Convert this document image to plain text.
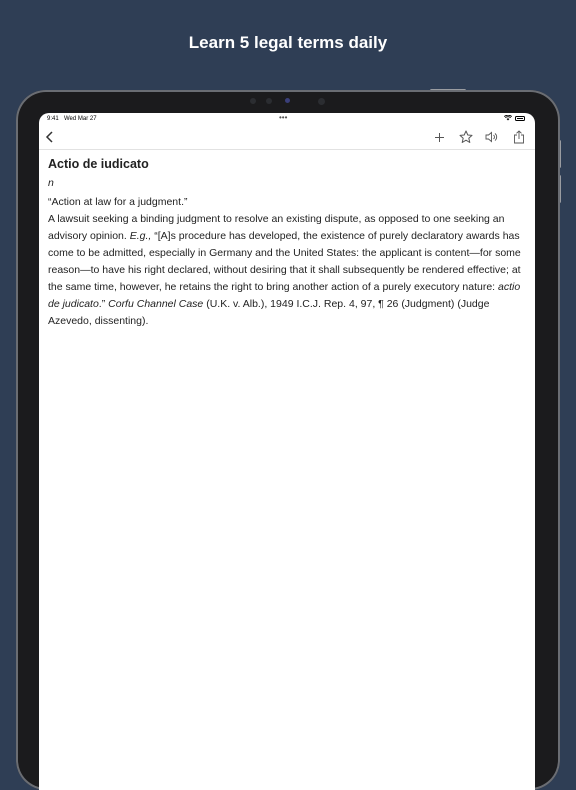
Learn 5 legal terms daily
9:41 Wed Mar 27	•••
Actio de iudicato
n

“Action at law for a judgment.”

A lawsuit seeking a binding judgment to resolve an existing dispute, as opposed to one seeking an advisory opinion. E.g., “[A]s procedure has developed, the existence of purely declaratory awards has come to be admitted, especially in Germany and the United States: the applicant is content—for some reason—to have his right declared, without desiring that it shall subsequently be rendered effective; at the same time, however, he retains the right to bring another action of a purely executory nature: actio de judicato.” Corfu Channel Case (U.K. v. Alb.), 1949 I.C.J. Rep. 4, 97, ¶ 26 (Judgment) (Judge Azevedo, dissenting).
